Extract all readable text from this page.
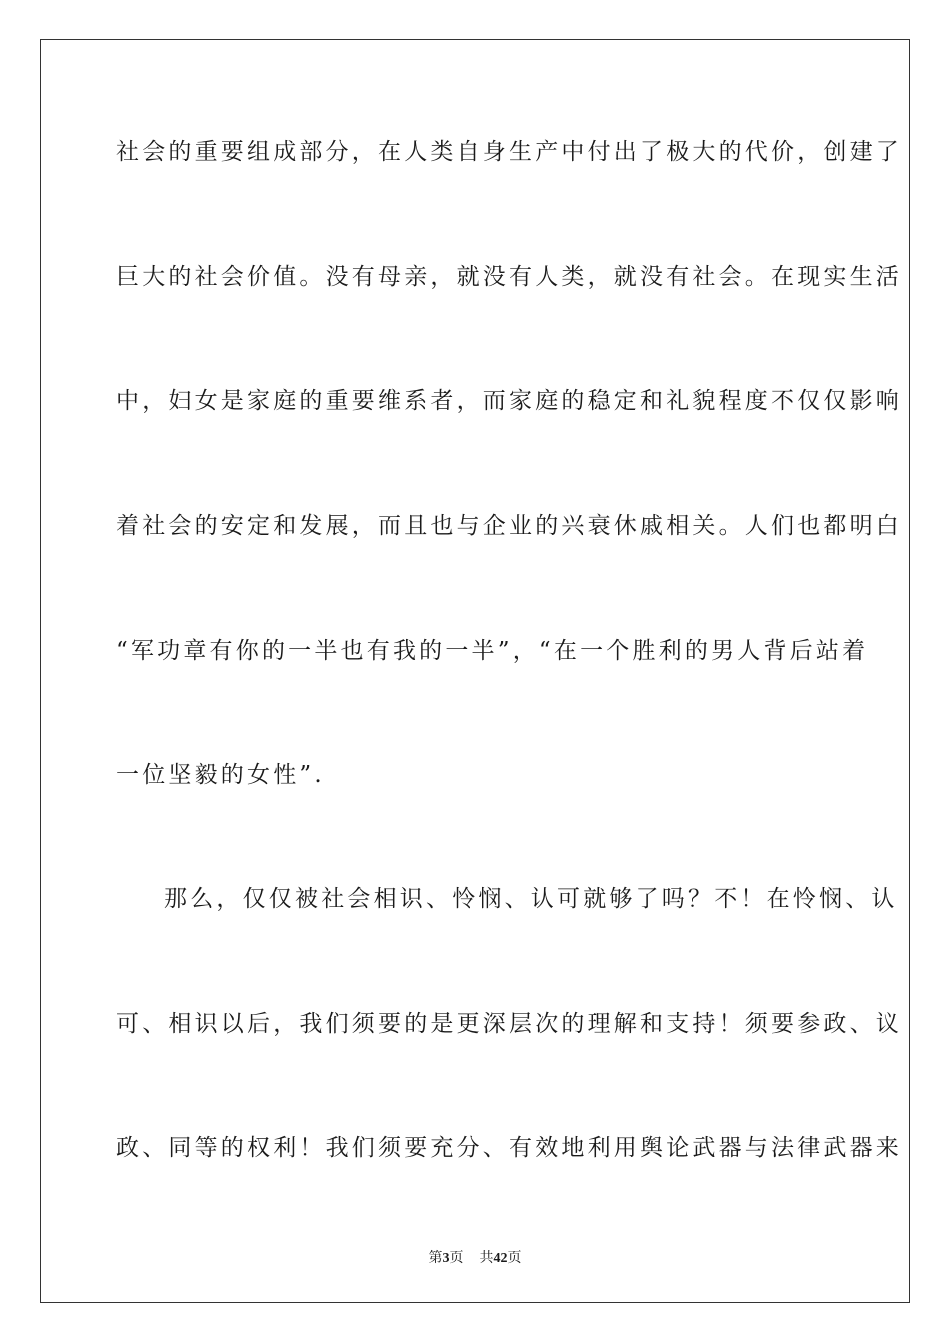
社会的重要组成部分，在人类自身生产中付出了极大的代价，创建了
巨大的社会价值。没有母亲，就没有人类，就没有社会。在现实生活
中，妇女是家庭的重要维系者，而家庭的稳定和礼貌程度不仅仅影响
着社会的安定和发展，而且也与企业的兴衰休戚相关。人们也都明白
“军功章有你的一半也有我的一半”，“在一个胜利的男人背后站着
一位坚毅的女性”.
那么，仅仅被社会相识、怜悯、认可就够了吗？不！在怜悯、认
可、相识以后，我们须要的是更深层次的理解和支持！须要参政、议
政、同等的权利！我们须要充分、有效地利用舆论武器与法律武器来
第3页 共42页
